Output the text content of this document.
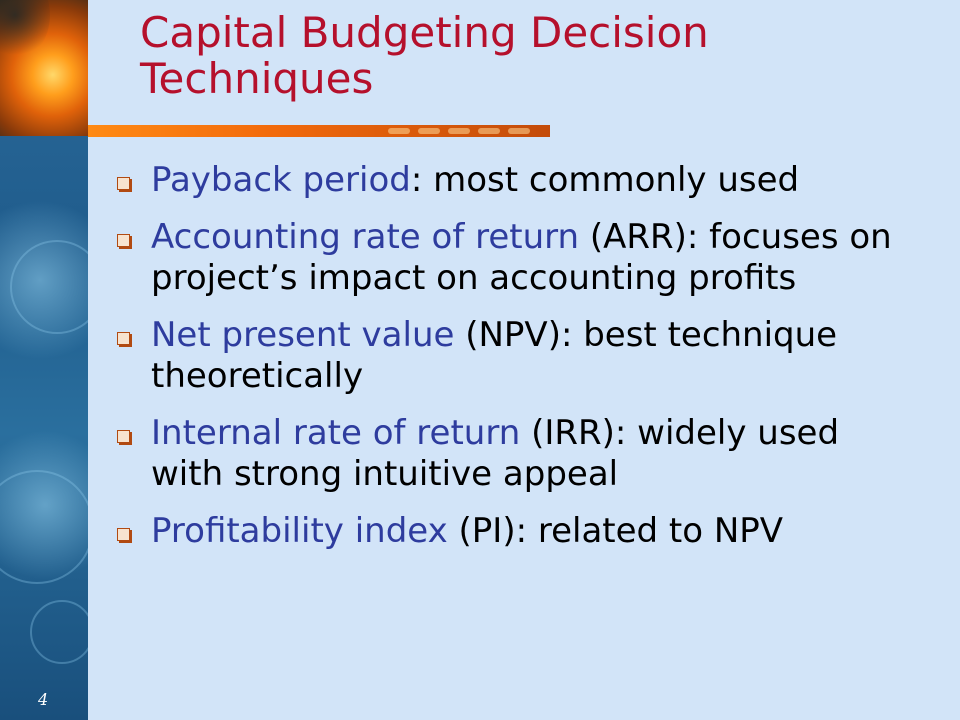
Capital Budgeting Decision Techniques
Payback period: most commonly used
Accounting rate of return (ARR): focuses on project’s impact on accounting profits
Net present value (NPV): best technique theoretically
Internal rate of return (IRR): widely used with strong intuitive appeal
Profitability index (PI): related to NPV
4
